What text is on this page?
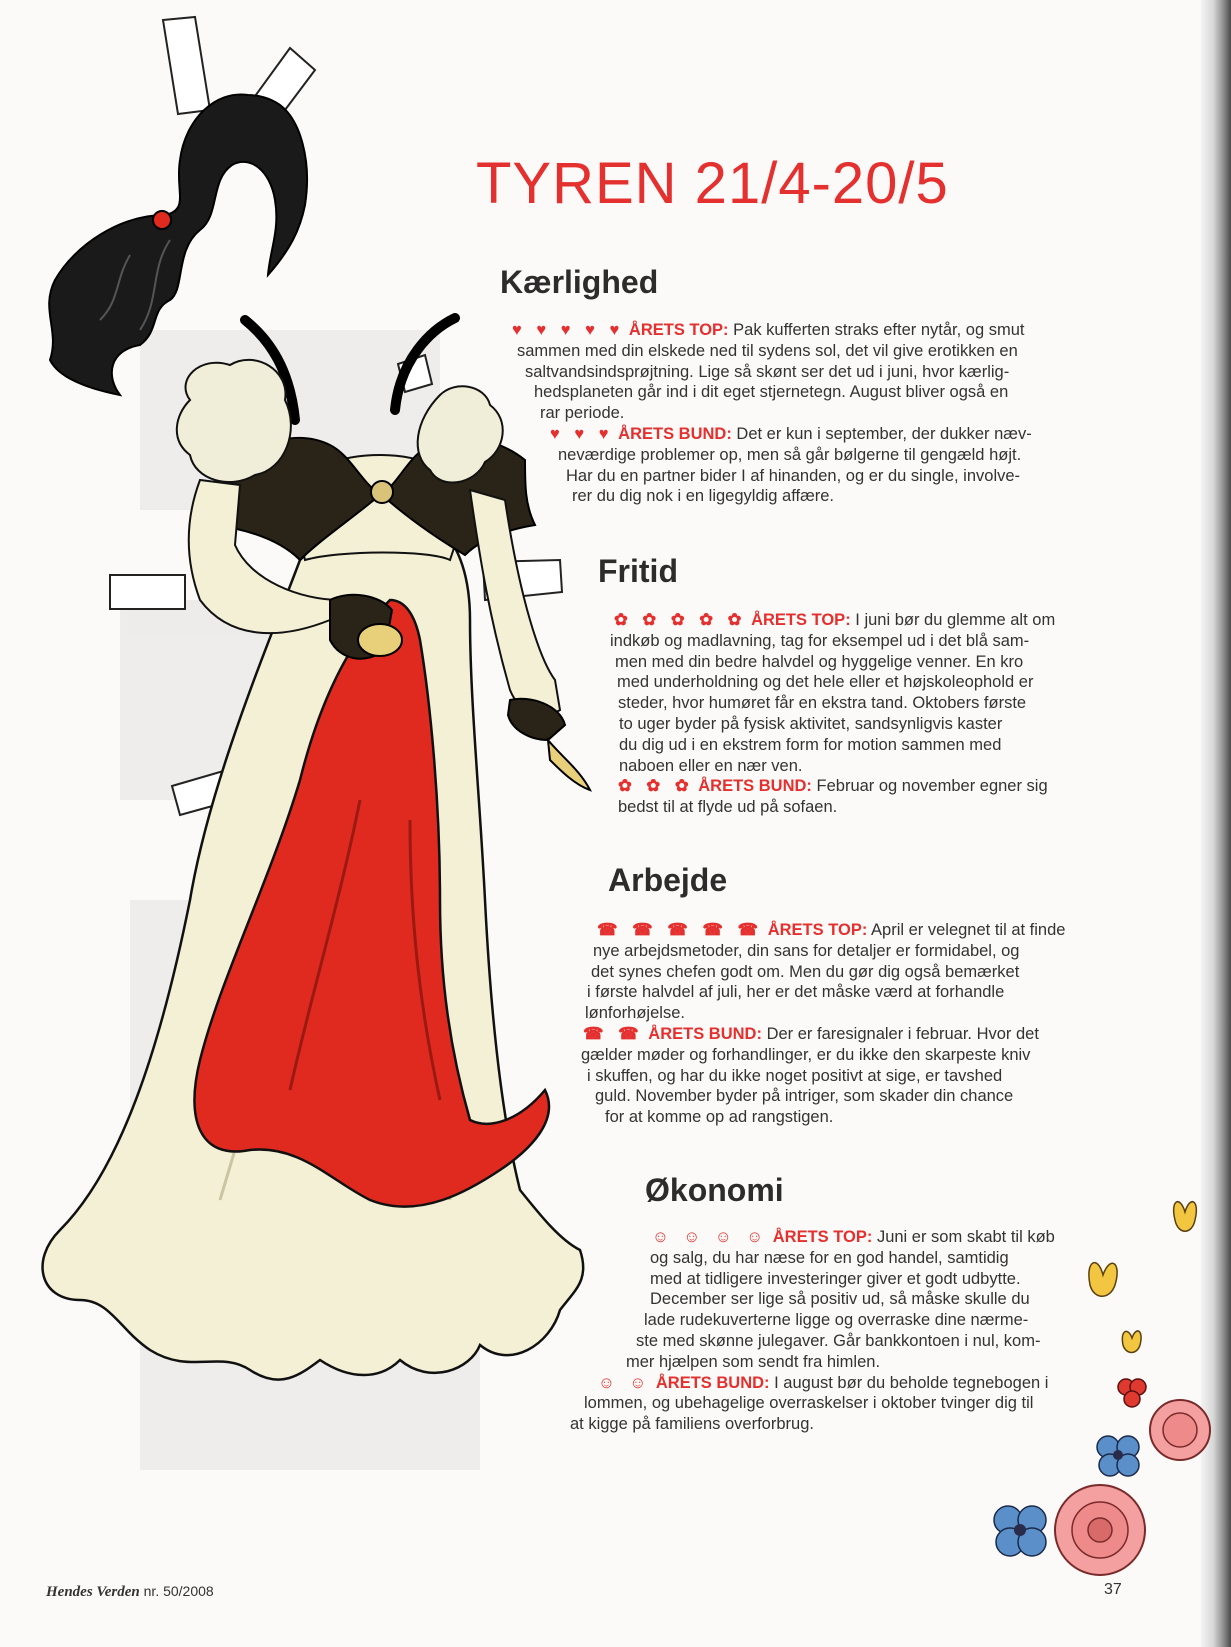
TYREN 21/4-20/5
Kærlighed
♥ ♥ ♥ ♥ ♥ ÅRETS TOP: Pak kufferten straks efter nytår, og smut
sammen med din elskede ned til sydens sol, det vil give erotikken en
saltvandsindsprøjtning. Lige så skønt ser det ud i juni, hvor kærlig-
hedsplaneten går ind i dit eget stjernetegn. August bliver også en
rar periode.
♥ ♥ ♥ ÅRETS BUND: Det er kun i september, der dukker næv-
neværdige problemer op, men så går bølgerne til gengæld højt.
Har du en partner bider I af hinanden, og er du single, involve-
rer du dig nok i en ligegyldig affære.
Fritid
✿ ✿ ✿ ✿ ✿ ÅRETS TOP: I juni bør du glemme alt om
indkøb og madlavning, tag for eksempel ud i det blå sam-
men med din bedre halvdel og hyggelige venner. En kro
med underholdning og det hele eller et højskoleophold er
steder, hvor humøret får en ekstra tand. Oktobers første
to uger byder på fysisk aktivitet, sandsynligvis kaster
du dig ud i en ekstrem form for motion sammen med
naboen eller en nær ven.
✿ ✿ ✿ ÅRETS BUND: Februar og november egner sig
bedst til at flyde ud på sofaen.
Arbejde
☎ ☎ ☎ ☎ ☎ ÅRETS TOP: April er velegnet til at finde
nye arbejdsmetoder, din sans for detaljer er formidabel, og
det synes chefen godt om. Men du gør dig også bemærket
i første halvdel af juli, her er det måske værd at forhandle
lønforhøjelse.
☎ ☎ ÅRETS BUND: Der er faresignaler i februar. Hvor det
gælder møder og forhandlinger, er du ikke den skarpeste kniv
i skuffen, og har du ikke noget positivt at sige, er tavshed
guld. November byder på intriger, som skader din chance
for at komme op ad rangstigen.
Økonomi
☺ ☺ ☺ ☺ ÅRETS TOP: Juni er som skabt til køb
og salg, du har næse for en god handel, samtidig
med at tidligere investeringer giver et godt udbytte.
December ser lige så positiv ud, så måske skulle du
lade rudekuverterne ligge og overraske dine nærme-
ste med skønne julegaver. Går bankkontoen i nul, kom-
mer hjælpen som sendt fra himlen.
☺ ☺ ÅRETS BUND: I august bør du beholde tegnebogen i
lommen, og ubehagelige overraskelser i oktober tvinger dig til
at kigge på familiens overforbrug.
Hendes Verden nr. 50/2008	37
